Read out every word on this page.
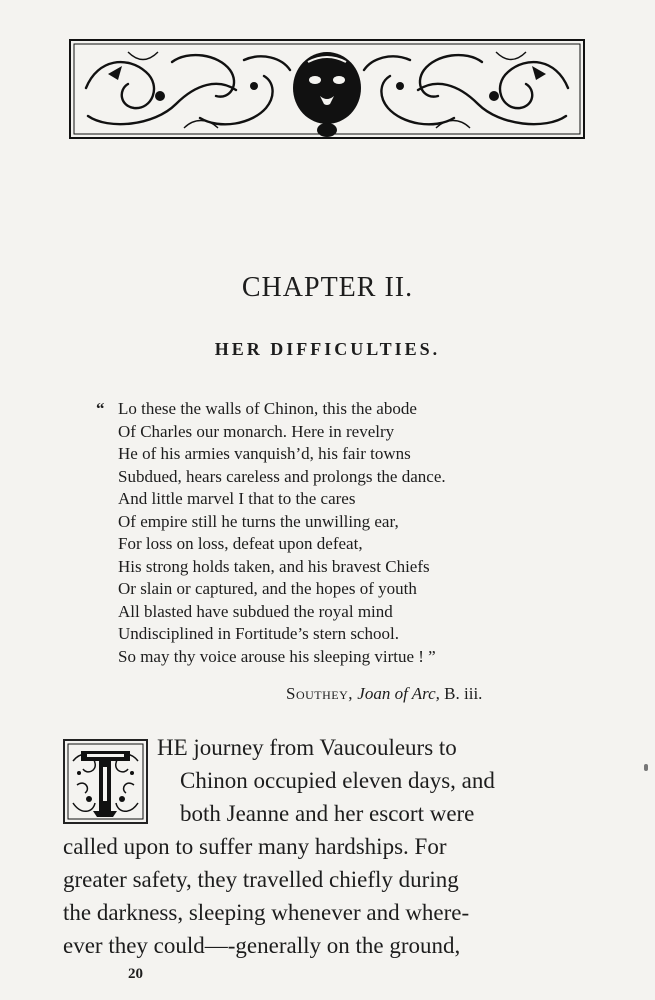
CHAPTER II.
HER DIFFICULTIES.
“ Lo these the walls of Chinon, this the abode
Of Charles our monarch. Here in revelry
He of his armies vanquish’d, his fair towns
Subdued, hears careless and prolongs the dance.
And little marvel I that to the cares
Of empire still he turns the unwilling ear,
For loss on loss, defeat upon defeat,
His strong holds taken, and his bravest Chiefs
Or slain or captured, and the hopes of youth
All blasted have subdued the royal mind
Undisciplined in Fortitude’s stern school.
So may thy voice arouse his sleeping virtue ! ”
Southey, Joan of Arc, B. iii.
HE journey from Vaucouleurs to
Chinon occupied eleven days, and
both Jeanne and her escort were
called upon to suffer many hardships. For
greater safety, they travelled chiefly during
the darkness, sleeping whenever and where-
ever they could—-generally on the ground,
20
